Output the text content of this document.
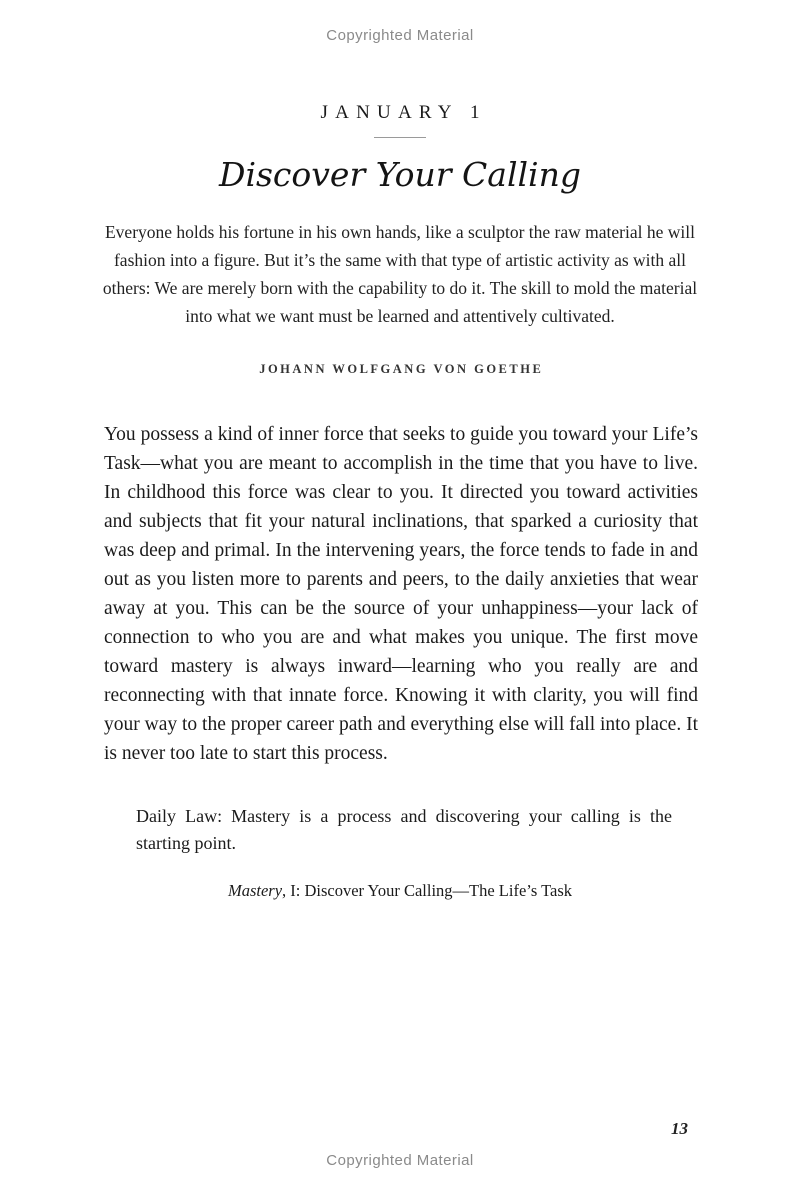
Copyrighted Material
JANUARY 1
Discover Your Calling
Everyone holds his fortune in his own hands, like a sculptor the raw material he will fashion into a figure. But it’s the same with that type of artistic activity as with all others: We are merely born with the capability to do it. The skill to mold the material into what we want must be learned and attentively cultivated.
JOHANN WOLFGANG VON GOETHE

You possess a kind of inner force that seeks to guide you toward your Life’s Task—what you are meant to accomplish in the time that you have to live. In childhood this force was clear to you. It directed you toward activities and subjects that fit your natural inclinations, that sparked a curiosity that was deep and primal. In the intervening years, the force tends to fade in and out as you listen more to parents and peers, to the daily anxieties that wear away at you. This can be the source of your unhappiness—your lack of connection to who you are and what makes you unique. The first move toward mastery is always inward—learning who you really are and reconnecting with that innate force. Knowing it with clarity, you will find your way to the proper career path and everything else will fall into place. It is never too late to start this process.

Daily Law: Mastery is a process and discovering your calling is the starting point.

Mastery, I: Discover Your Calling—The Life’s Task
13
Copyrighted Material
